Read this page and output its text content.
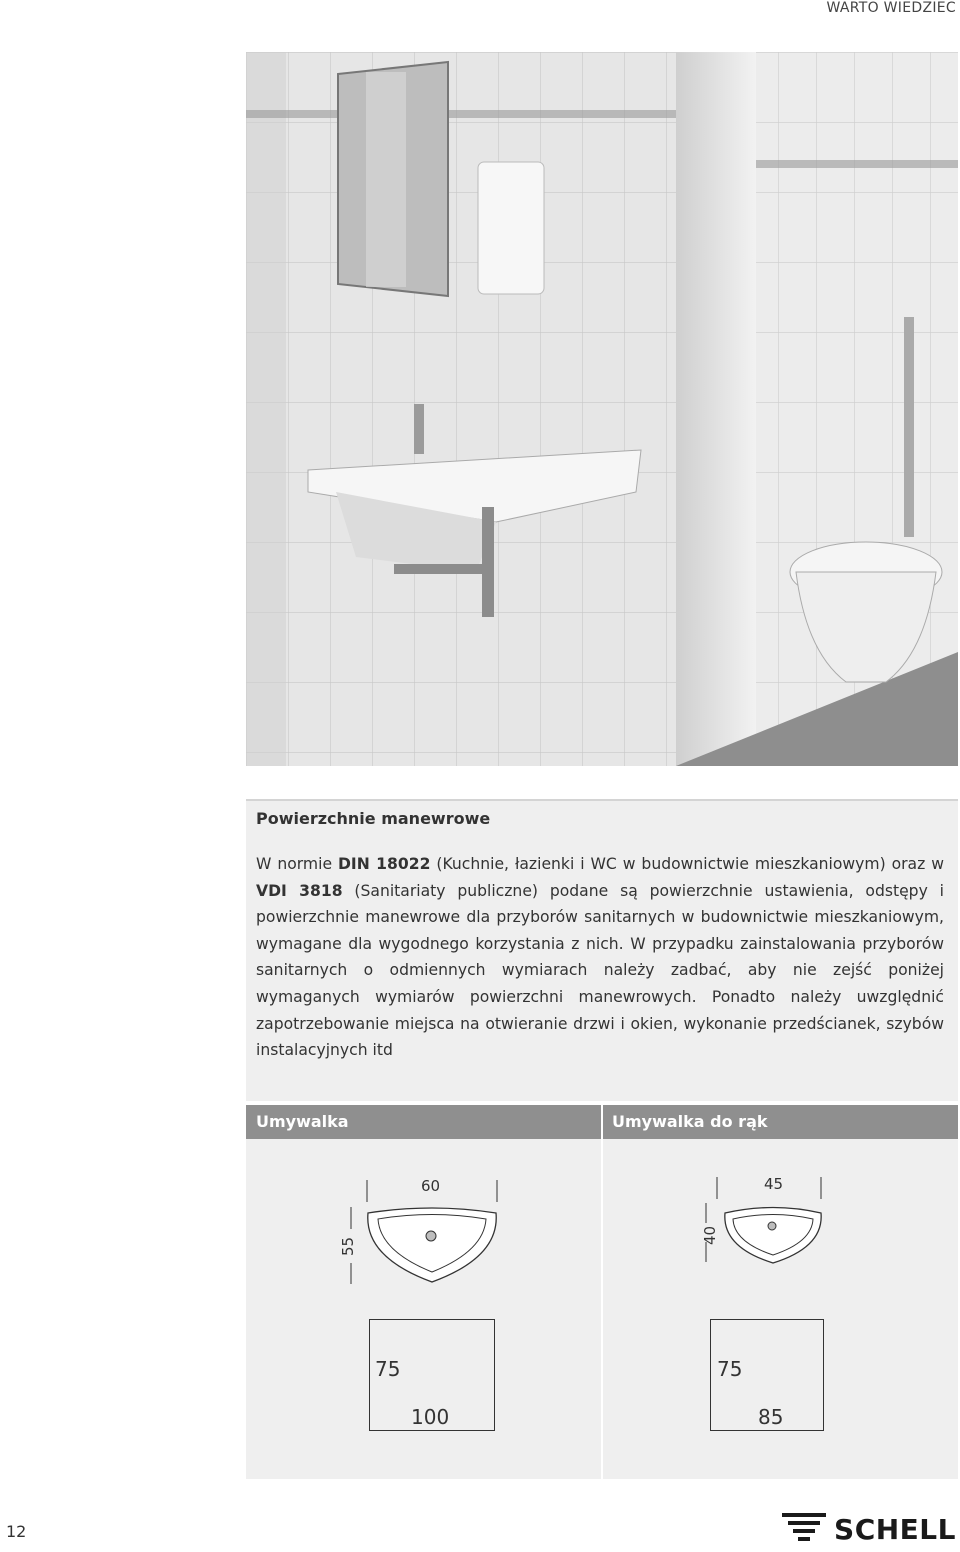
WARTO WIEDZIEC
Powierzchnie manewrowe

W normie DIN 18022 (Kuchnie, łazienki i WC w budownictwie mieszkaniowym) oraz w VDI 3818 (Sanitariaty publiczne) podane są powierzchnie ustawienia, odstępy i powierzchnie manewrowe dla przyborów sanitarnych w budownictwie mieszkaniowym, wymagane dla wygodnego korzystania z nich. W przypadku zainstalowania przyborów sanitarnych o odmiennych wymiarach należy zadbać, aby nie zejść poniżej wymaganych wymiarów powierzchni manewrowych. Ponadto należy uwzględnić zapotrzebowanie miejsca na otwieranie drzwi i okien, wykonanie przedścianek, szybów instalacyjnych itd

Umywalka	Umywalka do rąk
60
55
45
40
75
100
75
85
12	SCHELL
